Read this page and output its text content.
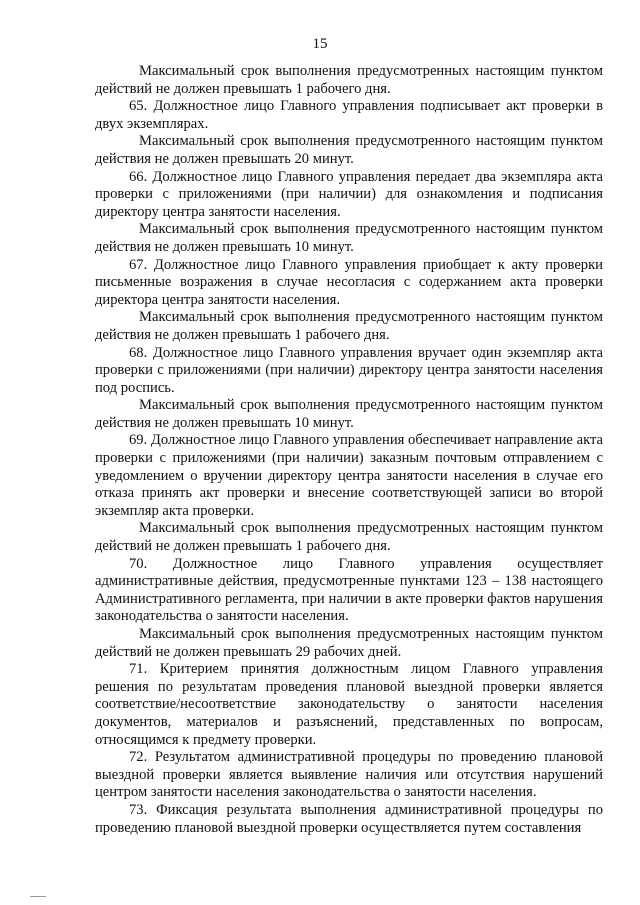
15

Максимальный срок выполнения предусмотренных настоящим пунктом действий не должен превышать 1 рабочего дня.

65. Должностное лицо Главного управления подписывает акт проверки в двух экземплярах.

Максимальный срок выполнения предусмотренного настоящим пунктом действия не должен превышать 20 минут.

66. Должностное лицо Главного управления передает два экземпляра акта проверки с приложениями (при наличии) для ознакомления и подписания директору центра занятости населения.

Максимальный срок выполнения предусмотренного настоящим пунктом действия не должен превышать 10 минут.

67. Должностное лицо Главного управления приобщает к акту проверки письменные возражения в случае несогласия с содержанием акта проверки директора центра занятости населения.

Максимальный срок выполнения предусмотренного настоящим пунктом действия не должен превышать 1 рабочего дня.

68. Должностное лицо Главного управления вручает один экземпляр акта проверки с приложениями (при наличии) директору центра занятости населения под роспись.

Максимальный срок выполнения предусмотренного настоящим пунктом действия не должен превышать 10 минут.

69. Должностное лицо Главного управления обеспечивает направление акта проверки с приложениями (при наличии) заказным почтовым отправлением с уведомлением о вручении директору центра занятости населения в случае его отказа принять акт проверки и внесение соответствующей записи во второй экземпляр акта проверки.

Максимальный срок выполнения предусмотренных настоящим пунктом действий не должен превышать 1 рабочего дня.

70. Должностное лицо Главного управления осуществляет административные действия, предусмотренные пунктами 123 – 138 настоящего Административного регламента, при наличии в акте проверки фактов нарушения законодательства о занятости населения.

Максимальный срок выполнения предусмотренных настоящим пунктом действий не должен превышать 29 рабочих дней.

71. Критерием принятия должностным лицом Главного управления решения по результатам проведения плановой выездной проверки является соответствие/несоответствие законодательству о занятости населения документов, материалов и разъяснений, представленных по вопросам, относящимся к предмету проверки.

72. Результатом административной процедуры по проведению плановой выездной проверки является выявление наличия или отсутствия нарушений центром занятости населения законодательства о занятости населения.

73. Фиксация результата выполнения административной процедуры по проведению плановой выездной проверки осуществляется путем составления
